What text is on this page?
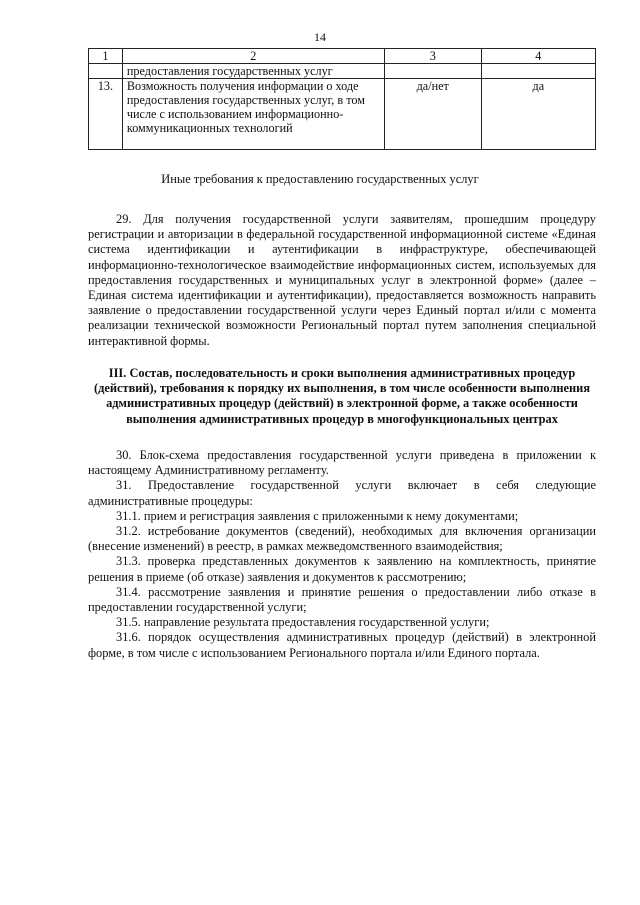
14
1	2	3	4
	предоставления государственных услуг		
13.	Возможность получения информации о ходе предоставления государственных услуг, в том числе с использованием информационно-коммуникационных технологий	да/нет	да
Иные требования к предоставлению государственных услуг

29. Для получения государственной услуги заявителям, прошедшим процедуру регистрации и авторизации в федеральной государственной информационной системе «Единая система идентификации и аутентификации в инфраструктуре, обеспечивающей информационно-технологическое взаимодействие информационных систем, используемых для предоставления государственных и муниципальных услуг в электронной форме» (далее – Единая система идентификации и аутентификации), предоставляется возможность направить заявление о предоставлении государственной услуги через Единый портал и/или с момента реализации технической возможности Региональный портал путем заполнения специальной интерактивной формы.

III. Состав, последовательность и сроки выполнения административных процедур (действий), требования к порядку их выполнения, в том числе особенности выполнения административных процедур (действий) в электронной форме, а также особенности выполнения административных процедур в многофункциональных центрах

30. Блок-схема предоставления государственной услуги приведена в приложении к настоящему Административному регламенту.

31. Предоставление государственной услуги включает в себя следующие административные процедуры:

31.1. прием и регистрация заявления с приложенными к нему документами;

31.2. истребование документов (сведений), необходимых для включения организации (внесение изменений) в реестр, в рамках межведомственного взаимодействия;

31.3. проверка представленных документов к заявлению на комплектность, принятие решения в приеме (об отказе) заявления и документов к рассмотрению;

31.4. рассмотрение заявления и принятие решения о предоставлении либо отказе в предоставлении государственной услуги;

31.5. направление результата предоставления государственной услуги;

31.6. порядок осуществления административных процедур (действий) в электронной форме, в том числе с использованием Регионального портала и/или Единого портала.
